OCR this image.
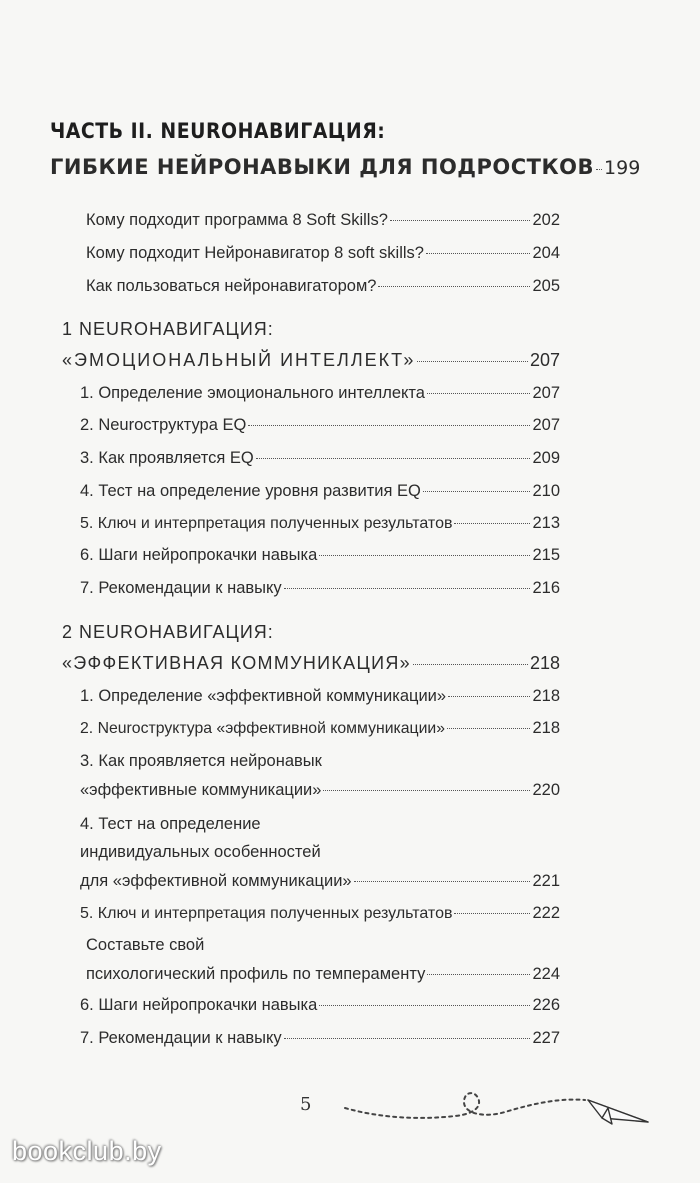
ЧАСТЬ II. NEURОНАВИГАЦИЯ:
ГИБКИЕ НЕЙРОНАВЫКИ ДЛЯ ПОДРОСТКОВ 199
Кому подходит программа 8 Soft Skills?	202
Кому подходит Нейронавигатор 8 soft skills?	204
Как пользоваться нейронавигатором?	205
1 NEURОНАВИГАЦИЯ:
«ЭМОЦИОНАЛЬНЫЙ ИНТЕЛЛЕКТ»	207
1. Определение эмоционального интеллекта	207
2. Neurоструктура EQ	207
3. Как проявляется EQ	209
4. Тест на определение уровня развития EQ	210
5. Ключ и интерпретация полученных результатов	213
6. Шаги нейропрокачки навыка	215
7. Рекомендации к навыку	216
2 NEURОНАВИГАЦИЯ:
«ЭФФЕКТИВНАЯ КОММУНИКАЦИЯ»	218
1. Определение «эффективной коммуникации»	218
2. Neurоструктура «эффективной коммуникации»	218
3. Как проявляется нейронавык
«эффективные коммуникации»	220
4. Тест на определение
индивидуальных особенностей
для «эффективной коммуникации»	221
5. Ключ и интерпретация полученных результатов	222
Составьте свой
психологический профиль по темпераменту	224
6. Шаги нейропрокачки навыка	226
7. Рекомендации к навыку	227
5
bookclub.by
